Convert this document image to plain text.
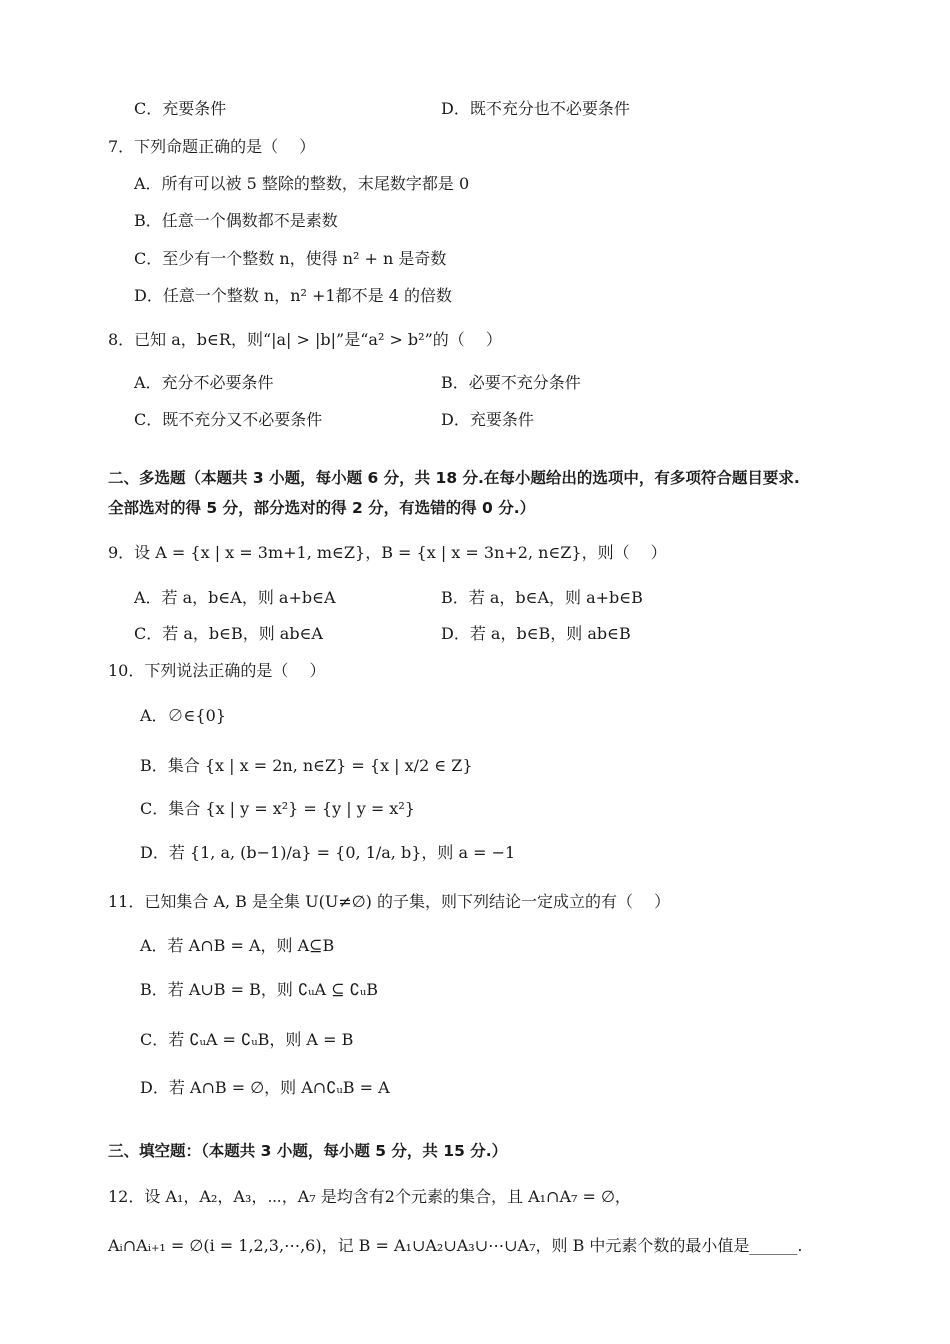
C．充要条件	D．既不充分也不必要条件
7．下列命题正确的是（　 ）
A．所有可以被 5 整除的整数，末尾数字都是 0
B．任意一个偶数都不是素数
C．至少有一个整数 n，使得 n² + n 是奇数
D．任意一个整数 n，n² +1都不是 4 的倍数
8．已知 a，b∈R，则“|a| > |b|”是“a² > b²”的（　 ）
A．充分不必要条件	B．必要不充分条件
C．既不充分又不必要条件	D．充要条件
二、多选题（本题共 3 小题，每小题 6 分，共 18 分.在每小题给出的选项中，有多项符合题目要求.
全部选对的得 5 分，部分选对的得 2 分，有选错的得 0 分.）
9．设 A = {x | x = 3m+1, m∈Z}，B = {x | x = 3n+2, n∈Z}，则（　 ）
A．若 a，b∈A，则 a+b∈A	B．若 a，b∈A，则 a+b∈B
C．若 a，b∈B，则 ab∈A	D．若 a，b∈B，则 ab∈B
10．下列说法正确的是（　 ）
A．∅∈{0}
B．集合 {x | x = 2n, n∈Z} = {x | x/2 ∈ Z}
C．集合 {x | y = x²} = {y | y = x²}
D．若 {1, a, (b−1)/a} = {0, 1/a, b}，则 a = −1
11．已知集合 A, B 是全集 U(U≠∅) 的子集，则下列结论一定成立的有（　 ）
A．若 A∩B = A，则 A⊆B
B．若 A∪B = B，则 ∁ᵤA ⊆ ∁ᵤB
C．若 ∁ᵤA = ∁ᵤB，则 A = B
D．若 A∩B = ∅，则 A∩∁ᵤB = A
三、填空题：（本题共 3 小题，每小题 5 分，共 15 分.）
12．设 A₁，A₂，A₃，⋯，A₇ 是均含有2个元素的集合，且 A₁∩A₇ = ∅，
Aᵢ∩Aᵢ₊₁ = ∅(i = 1,2,3,⋯,6)，记 B = A₁∪A₂∪A₃∪⋯∪A₇，则 B 中元素个数的最小值是______.
